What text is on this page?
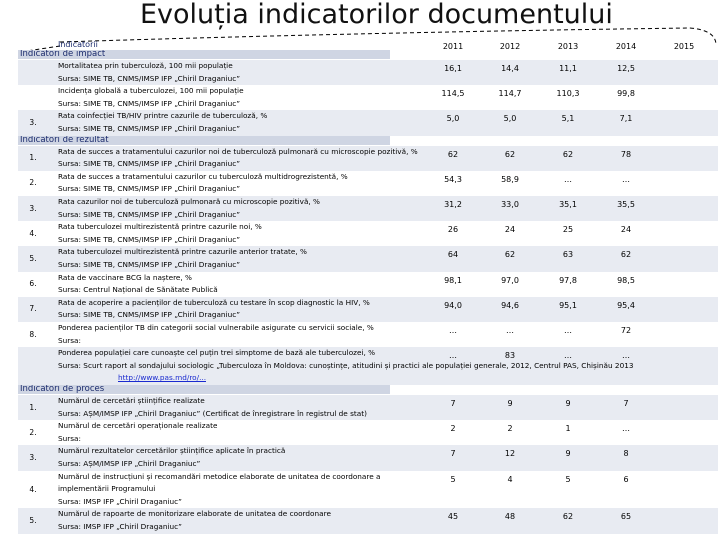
Evoluția indicatorilor documentului
Indicatorii	2011	2012	2013	2014	2015
Indicatori de impact
Mortalitatea prin tuberculoză, 100 mii populație
Sursa: SIME TB, CNMS/IMSP IFP „Chiril Draganiuc”
16,1	14,4	11,1	12,5
Incidența globală a tuberculozei, 100 mii populație
Sursa: SIME TB, CNMS/IMSP IFP „Chiril Draganiuc”
114,5	114,7	110,3	99,8
3.
Rata coinfecției TB/HIV printre cazurile de tuberculoză, %
Sursa: SIME TB, CNMS/IMSP IFP „Chiril Draganiuc”
5,0	5,0	5,1	7,1
Indicatori de rezultat
1.
Rata de succes a tratamentului cazurilor noi de tuberculoză pulmonară cu microscopie pozitivă, %
Sursa: SIME TB, CNMS/IMSP IFP „Chiril Draganiuc”
62	62	62	78
2.
Rata de succes a tratamentului cazurilor cu tuberculoză multidrogrezistentă, %
Sursa: SIME TB, CNMS/IMSP IFP „Chiril Draganiuc”
54,3	58,9	…	…
3.
Rata cazurilor noi de tuberculoză pulmonară cu microscopie pozitivă, %
Sursa: SIME TB, CNMS/IMSP IFP „Chiril Draganiuc”
31,2	33,0	35,1	35,5
4.
Rata tuberculozei multirezistentă printre cazurile noi, %
Sursa: SIME TB, CNMS/IMSP IFP „Chiril Draganiuc”
26	24	25	24
5.
Rata tuberculozei multirezistentă printre cazurile anterior tratate, %
Sursa: SIME TB, CNMS/IMSP IFP „Chiril Draganiuc”
64	62	63	62
6.
Rata de vaccinare BCG la naștere, %
Sursa: Centrul Național de Sănătate Publică
98,1	97,0	97,8	98,5
7.
Rata de acoperire a pacienților de tuberculoză cu testare în scop diagnostic la HIV, %
Sursa: SIME TB, CNMS/IMSP IFP „Chiril Draganiuc”
94,0	94,6	95,1	95,4
8.
Ponderea pacienților TB din categorii social vulnerabile asigurate cu servicii sociale, %
Sursa:
…	…	…	72
Ponderea populației care cunoaște cel puțin trei simptome de bază ale tuberculozei, %
Sursa: Scurt raport al sondajului sociologic „Tuberculoza în Moldova: cunoștințe, atitudini și practici ale populației generale, 2012, Centrul PAS, Chișinău 2013
http://www.pas.md/ro/...
…	83	…	…
Indicatori de proces
1.
Numărul de cercetări științifice realizate
Sursa: AȘM/IMSP IFP „Chiril Draganiuc” (Certificat de înregistrare în registrul de stat)
7	9	9	7
2.
Numărul de cercetări operaționale realizate
Sursa:
2	2	1	…
3.
Numărul rezultatelor cercetărilor științifice aplicate în practică
Sursa: AȘM/IMSP IFP „Chiril Draganiuc”
7	12	9	8
4.
Numărul de instrucțiuni și recomandări metodice elaborate de unitatea de coordonare a
implementării Programului
Sursa: IMSP IFP „Chiril Draganiuc”
5	4	5	6
5.
Numărul de rapoarte de monitorizare elaborate de unitatea de coordonare
Sursa: IMSP IFP „Chiril Draganiuc”
45	48	62	65
